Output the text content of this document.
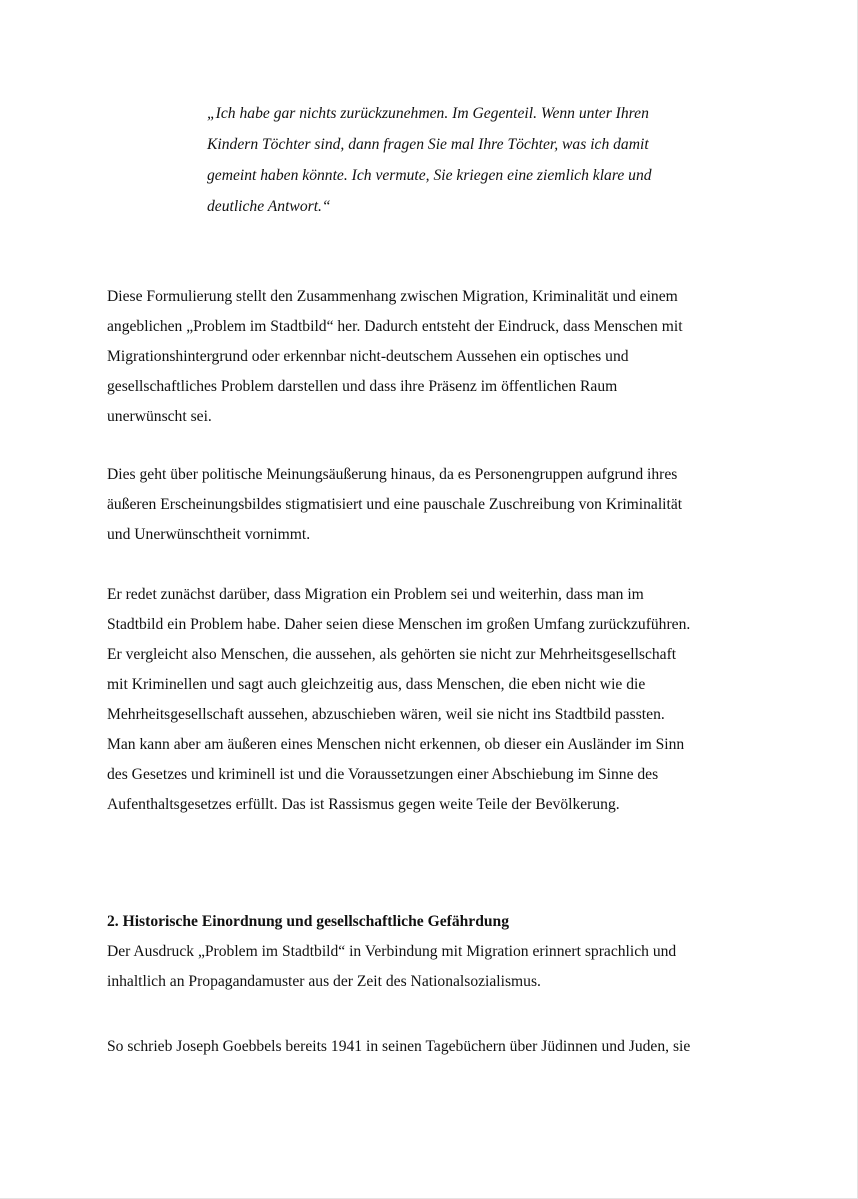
„Ich habe gar nichts zurückzunehmen. Im Gegenteil. Wenn unter Ihren
Kindern Töchter sind, dann fragen Sie mal Ihre Töchter, was ich damit
gemeint haben könnte. Ich vermute, Sie kriegen eine ziemlich klare und
deutliche Antwort.“
Diese Formulierung stellt den Zusammenhang zwischen Migration, Kriminalität und einem
angeblichen „Problem im Stadtbild“ her. Dadurch entsteht der Eindruck, dass Menschen mit
Migrationshintergrund oder erkennbar nicht-deutschem Aussehen ein optisches und
gesellschaftliches Problem darstellen und dass ihre Präsenz im öffentlichen Raum
unerwünscht sei.
Dies geht über politische Meinungsäußerung hinaus, da es Personengruppen aufgrund ihres
äußeren Erscheinungsbildes stigmatisiert und eine pauschale Zuschreibung von Kriminalität
und Unerwünschtheit vornimmt.
Er redet zunächst darüber, dass Migration ein Problem sei und weiterhin, dass man im
Stadtbild ein Problem habe. Daher seien diese Menschen im großen Umfang zurückzuführen.
Er vergleicht also Menschen, die aussehen, als gehörten sie nicht zur Mehrheitsgesellschaft
mit Kriminellen und sagt auch gleichzeitig aus, dass Menschen, die eben nicht wie die
Mehrheitsgesellschaft aussehen, abzuschieben wären, weil sie nicht ins Stadtbild passten.
Man kann aber am äußeren eines Menschen nicht erkennen, ob dieser ein Ausländer im Sinn
des Gesetzes und kriminell ist und die Voraussetzungen einer Abschiebung im Sinne des
Aufenthaltsgesetzes erfüllt. Das ist Rassismus gegen weite Teile der Bevölkerung.
2. Historische Einordnung und gesellschaftliche Gefährdung
Der Ausdruck „Problem im Stadtbild“ in Verbindung mit Migration erinnert sprachlich und
inhaltlich an Propagandamuster aus der Zeit des Nationalsozialismus.
So schrieb Joseph Goebbels bereits 1941 in seinen Tagebüchern über Jüdinnen und Juden, sie
